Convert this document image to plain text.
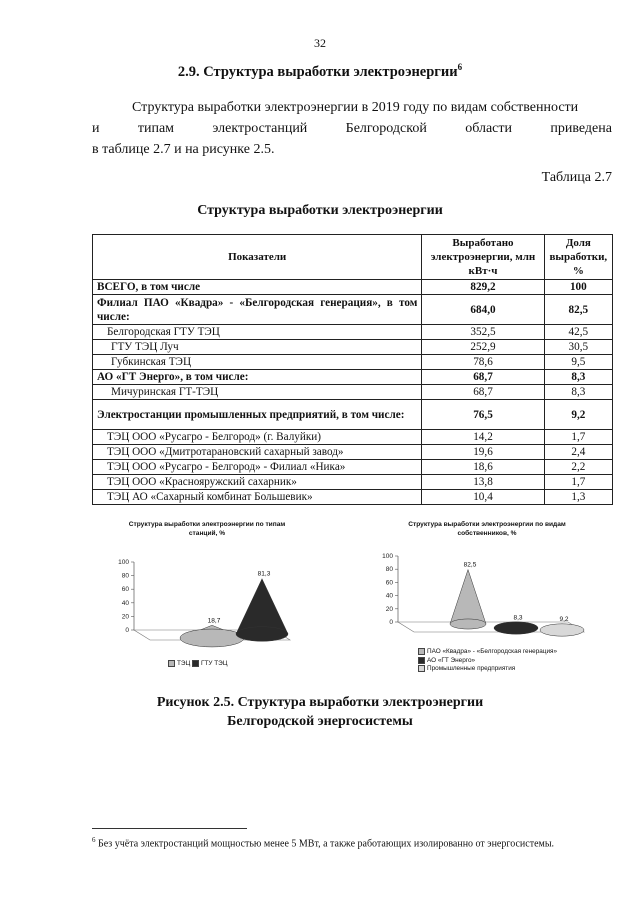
32
2.9. Структура выработки электроэнергии$^6$
Структура выработки электроэнергии в 2019 году по видам собственности
и	типам	электростанций	Белгородской	области	приведена
в таблице 2.7 и на рисунке 2.5.
Таблица 2.7
Структура выработки электроэнергии
Показатели	Выработано электроэнергии, млн кВт·ч	Доля выработки, %
ВСЕГО, в том числе	829,2	100
Филиал ПАО «Квадра» - «Белгородская генерация», в том числе:	684,0	82,5
Белгородская ГТУ ТЭЦ	352,5	42,5
ГТУ ТЭЦ Луч	252,9	30,5
Губкинская ТЭЦ	78,6	9,5
АО «ГТ Энерго», в том числе:	68,7	8,3
Мичуринская ГТ-ТЭЦ	68,7	8,3
Электростанции промышленных предприятий, в том числе:	76,5	9,2
ТЭЦ ООО «Русагро - Белгород» (г. Валуйки)	14,2	1,7
ТЭЦ ООО «Дмитротарановский сахарный завод»	19,6	2,4
ТЭЦ ООО «Русагро - Белгород» - Филиал «Ника»	18,6	2,2
ТЭЦ ООО «Краснояружский сахарник»	13,8	1,7
ТЭЦ АО «Сахарный комбинат Большевик»	10,4	1,3
Структура выработки электроэнергии по типам
станций, %
100
80
60
40
20
0
18,7
81,3
ТЭЦ ГТУ ТЭЦ
Структура выработки электроэнергии по видам
собственников, %
100
80
60
40
20
0
82,5
8,3	9,2
ПАО «Квадра» - «Белгородская генерация»
АО «ГТ Энерго»
Промышленные предприятия
Рисунок 2.5. Структура выработки электроэнергии
Белгородской энергосистемы
$^6$ Без учёта электростанций мощностью менее 5 МВт, а также работающих изолированно от энергосистемы.
